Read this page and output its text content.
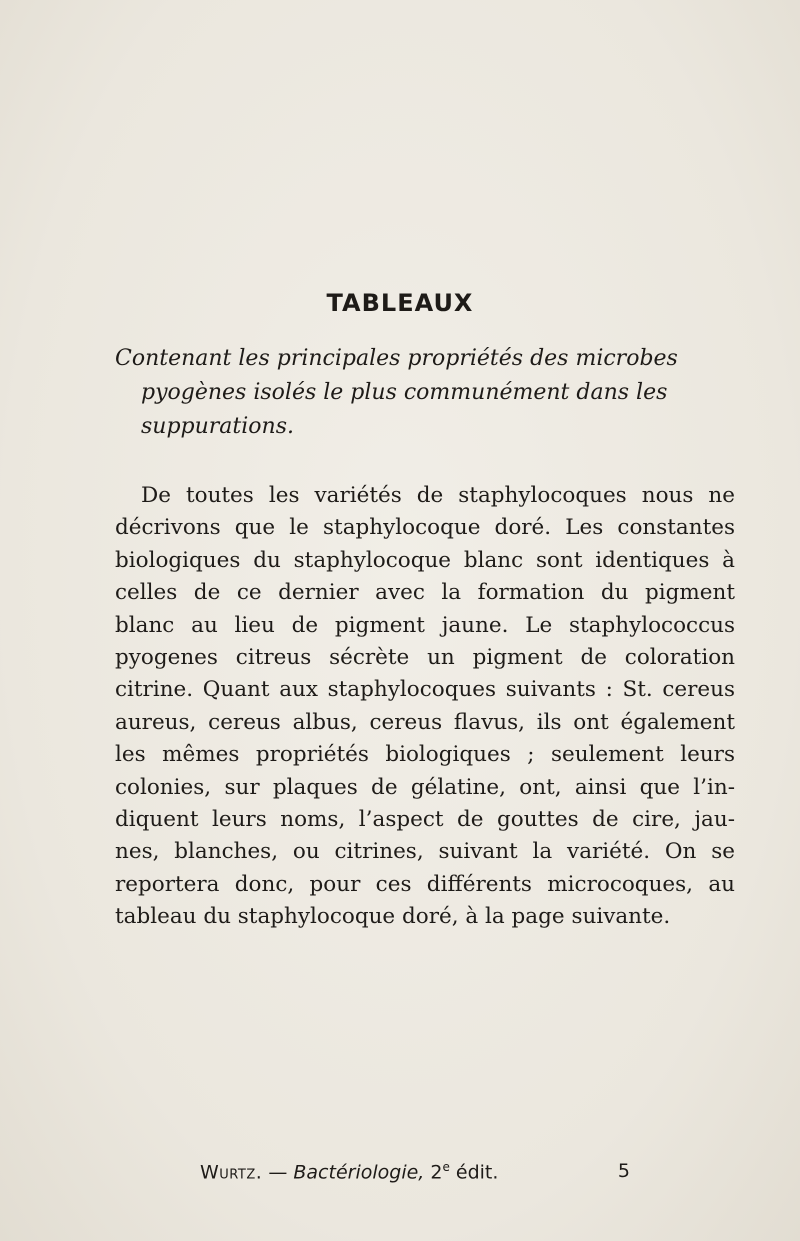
TABLEAUX
Contenant les principales propriétés des microbes
pyogènes isolés le plus communément dans les
suppurations.
De toutes les variétés de staphylocoques nous ne
décrivons que le staphylocoque doré. Les constantes
biologiques du staphylocoque blanc sont identiques à
celles de ce dernier avec la formation du pigment
blanc au lieu de pigment jaune. Le staphylococcus
pyogenes citreus sécrète un pigment de coloration
citrine. Quant aux staphylocoques suivants : St. cereus
aureus, cereus albus, cereus flavus, ils ont également
les mêmes propriétés biologiques ; seulement leurs
colonies, sur plaques de gélatine, ont, ainsi que l’in-
diquent leurs noms, l’aspect de gouttes de cire, jau-
nes, blanches, ou citrines, suivant la variété. On se
reportera donc, pour ces différents microcoques, au
tableau du staphylocoque doré, à la page suivante.
Wurtz. — Bactériologie, 2e édit.	5
